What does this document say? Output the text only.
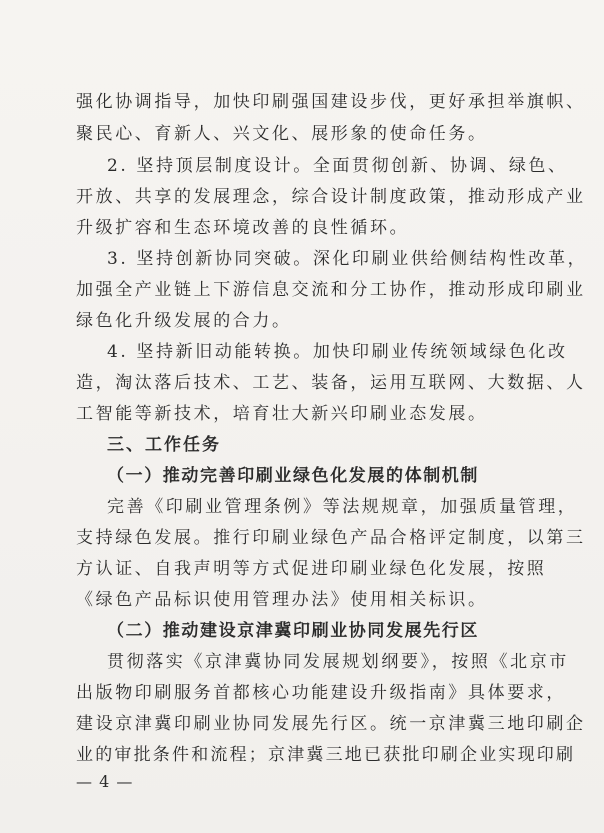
强化协调指导，加快印刷强国建设步伐，更好承担举旗帜、
聚民心、育新人、兴文化、展形象的使命任务。
2. 坚持顶层制度设计。全面贯彻创新、协调、绿色、
开放、共享的发展理念，综合设计制度政策，推动形成产业
升级扩容和生态环境改善的良性循环。
3. 坚持创新协同突破。深化印刷业供给侧结构性改革，
加强全产业链上下游信息交流和分工协作，推动形成印刷业
绿色化升级发展的合力。
4. 坚持新旧动能转换。加快印刷业传统领域绿色化改
造，淘汰落后技术、工艺、装备，运用互联网、大数据、人
工智能等新技术，培育壮大新兴印刷业态发展。
三、工作任务
（一）推动完善印刷业绿色化发展的体制机制
完善《印刷业管理条例》等法规规章，加强质量管理，
支持绿色发展。推行印刷业绿色产品合格评定制度，以第三
方认证、自我声明等方式促进印刷业绿色化发展，按照
《绿色产品标识使用管理办法》使用相关标识。
（二）推动建设京津冀印刷业协同发展先行区
贯彻落实《京津冀协同发展规划纲要》，按照《北京市
出版物印刷服务首都核心功能建设升级指南》具体要求，
建设京津冀印刷业协同发展先行区。统一京津冀三地印刷企
业的审批条件和流程；京津冀三地已获批印刷企业实现印刷
— 4 —
